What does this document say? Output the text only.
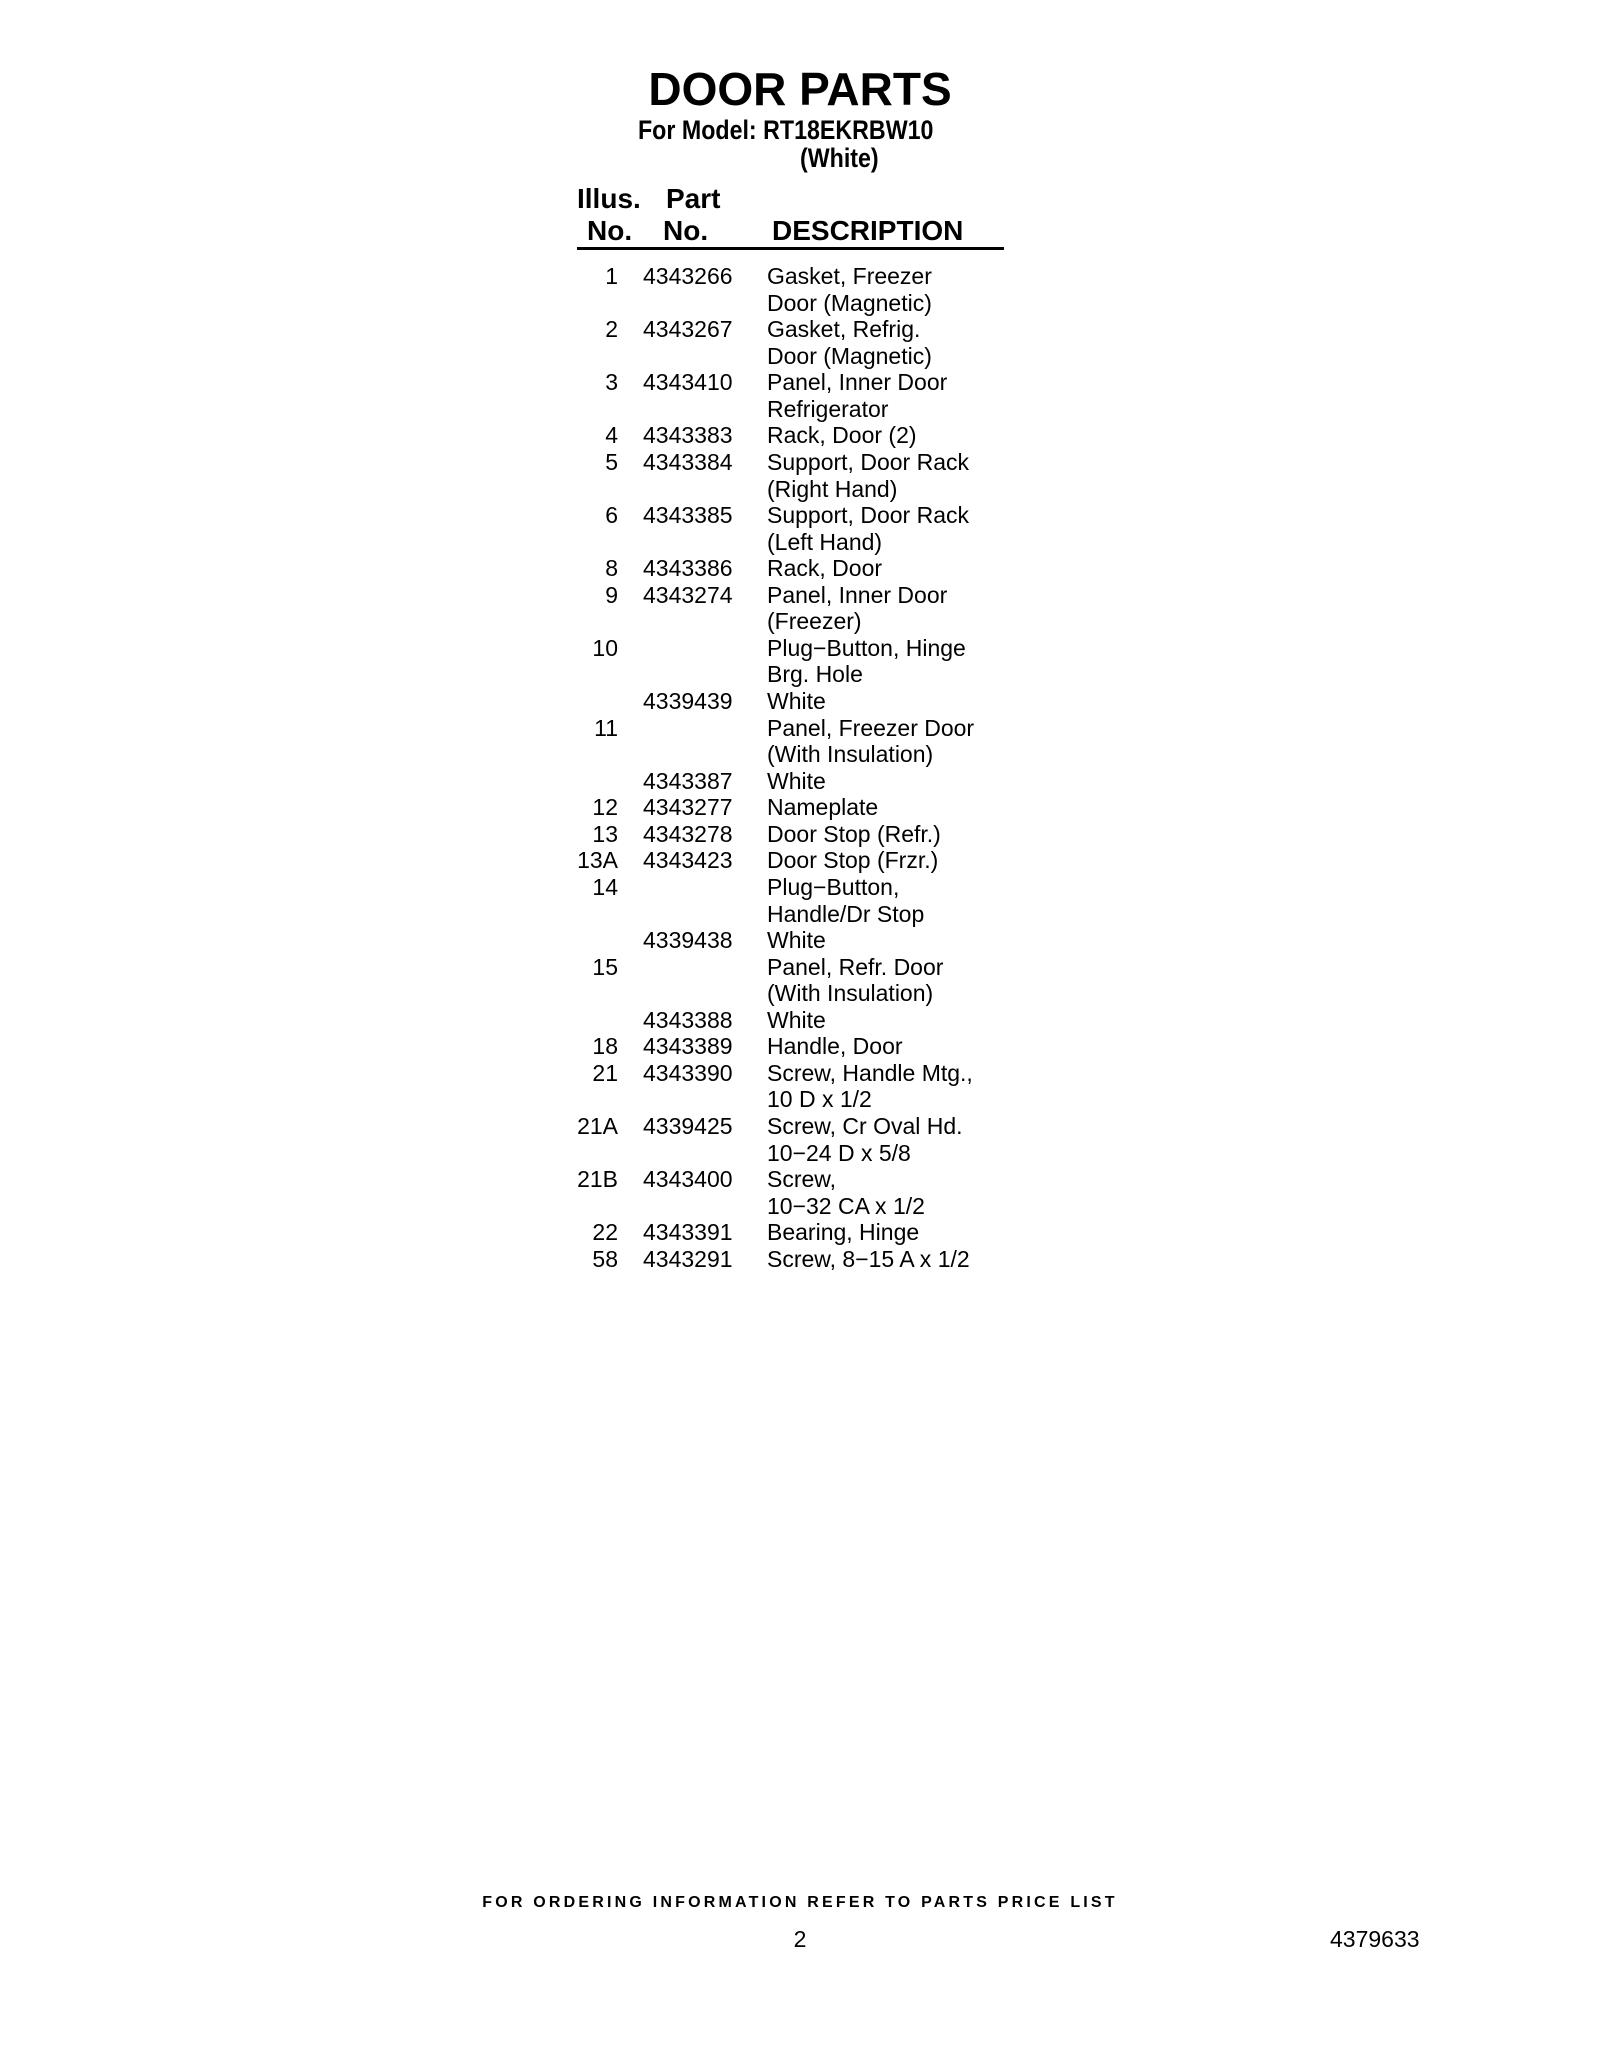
DOOR PARTS
For Model: RT18EKRBW10
(White)
Illus.
No.
Part
No. DESCRIPTION
1 4343266 Gasket, Freezer
Door (Magnetic)
2 4343267 Gasket, Refrig.
Door (Magnetic)
3 4343410 Panel, Inner Door
Refrigerator
4 4343383 Rack, Door (2)
5 4343384 Support, Door Rack
(Right Hand)
6 4343385 Support, Door Rack
(Left Hand)
8 4343386 Rack, Door
9 4343274 Panel, Inner Door
(Freezer)
10	Plug−Button, Hinge
Brg. Hole
4339439 White
11	Panel, Freezer Door
(With Insulation)
4343387 White
12 4343277 Nameplate
13 4343278 Door Stop (Refr.)
13A 4343423 Door Stop (Frzr.)
14	Plug−Button,
Handle/Dr Stop
4339438 White
15	Panel, Refr. Door
(With Insulation)
4343388 White
18 4343389 Handle, Door
21 4343390 Screw, Handle Mtg.,
10 D x 1/2
21A 4339425 Screw, Cr Oval Hd.
10−24 D x 5/8
21B 4343400 Screw,
10−32 CA x 1/2
22 4343391 Bearing, Hinge
58 4343291 Screw, 8−15 A x 1/2
FOR ORDERING INFORMATION REFER TO PARTS PRICE LIST
2	4379633
